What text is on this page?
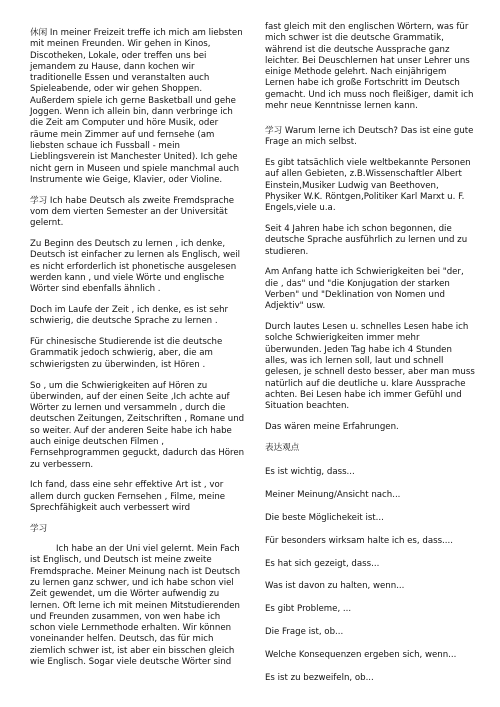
休闲 In meiner Freizeit treffe ich mich am liebsten mit meinen Freunden. Wir gehen in Kinos, Discotheken, Lokale, oder treffen uns bei jemandem zu Hause, dann kochen wir traditionelle Essen und veranstalten auch Spieleabende, oder wir gehen Shoppen. Außerdem spiele ich gerne Basketball und gehe Joggen. Wenn ich allein bin, dann verbringe ich die Zeit am Computer und höre Musik, oder räume mein Zimmer auf und fernsehe (am liebsten schaue ich Fussball - mein Lieblingsverein ist Manchester United). Ich gehe nicht gern in Museen und spiele manchmal auch Instrumente wie Geige, Klavier, oder Violine.

学习 Ich habe Deutsch als zweite Fremdsprache vom dem vierten Semester an der Universität gelernt.

Zu Beginn des Deutsch zu lernen , ich denke, Deutsch ist einfacher zu lernen als Englisch, weil es nicht erforderlich ist phonetische ausgelesen werden kann , und viele Wörte und englische Wörter sind ebenfalls ähnlich .

Doch im Laufe der Zeit , ich denke, es ist sehr schwierig, die deutsche Sprache zu lernen .

Für chinesische Studierende ist die deutsche Grammatik jedoch schwierig, aber, die am schwierigsten zu überwinden, ist Hören .

So , um die Schwierigkeiten auf Hören zu überwinden, auf der einen Seite ,Ich achte auf Wörter zu lernen und versammeln , durch die deutschen Zeitungen, Zeitschriften , Romane und so weiter. Auf der anderen Seite habe ich habe auch einige deutschen Filmen , Fernsehprogrammen geguckt, dadurch das Hören zu verbessern.

Ich fand, dass eine sehr effektive Art ist , vor allem durch gucken Fernsehen , Filme, meine Sprechfähigkeit auch verbessert wird

学习

Ich habe an der Uni viel gelernt. Mein Fach ist Englisch, und Deutsch ist meine zweite Fremdsprache. Meiner Meinung nach ist Deutsch zu lernen ganz schwer, und ich habe schon viel Zeit gewendet, um die Wörter aufwendig zu lernen. Oft lerne ich mit meinen Mitstudierenden und Freunden zusammen, von wen habe ich schon viele Lernmethode erhalten. Wir können voneinander helfen. Deutsch, das für mich ziemlich schwer ist, ist aber ein bisschen gleich wie Englisch. Sogar viele deutsche Wörter sind

fast gleich mit den englischen Wörtern, was für mich schwer ist die deutsche Grammatik, während ist die deutsche Aussprache ganz leichter. Bei Deuschlernen hat unser Lehrer uns einige Methode gelehrt. Nach einjährigem Lernen habe ich große Fortschritt im Deutsch gemacht. Und ich muss noch fleißiger, damit ich mehr neue Kenntnisse lernen kann.

学习 Warum lerne ich Deutsch? Das ist eine gute Frage an mich selbst.

Es gibt tatsächlich viele weltbekannte Personen auf allen Gebieten, z.B.Wissenschaftler Albert Einstein,Musiker Ludwig van Beethoven, Physiker W.K. Röntgen,Politiker Karl Marxt u. F. Engels,viele u.a.

Seit 4 Jahren habe ich schon begonnen, die deutsche Sprache ausführlich zu lernen und zu studieren.

Am Anfang hatte ich Schwierigkeiten bei "der, die , das" und "die Konjugation der starken Verben" und "Deklination von Nomen und Adjektiv" usw.

Durch lautes Lesen u. schnelles Lesen habe ich solche Schwierigkeiten immer mehr überwunden. Jeden Tag habe ich 4 Stunden alles, was ich lernen soll, laut und schnell gelesen, je schnell desto besser, aber man muss natürlich auf die deutliche u. klare Aussprache achten. Bei Lesen habe ich immer Gefühl und Situation beachten.

Das wären meine Erfahrungen.

表达观点

Es ist wichtig, dass...

Meiner Meinung/Ansicht nach...

Die beste Möglichekeit ist...

Für besonders wirksam halte ich es, dass....

Es hat sich gezeigt, dass...

Was ist davon zu halten, wenn...

Es gibt Probleme, ...

Die Frage ist, ob...

Welche Konsequenzen ergeben sich, wenn...

Es ist zu bezweifeln, ob...
